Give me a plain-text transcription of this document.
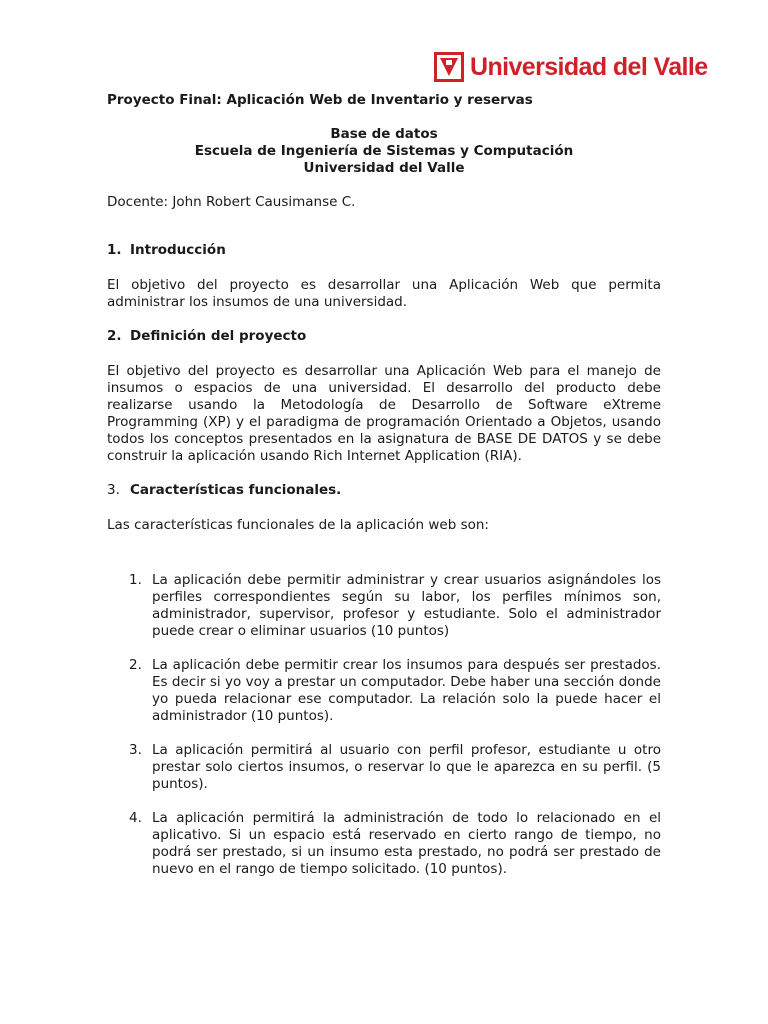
Universidad del Valle

Proyecto Final: Aplicación Web de Inventario y reservas

Base de datos

Escuela de Ingeniería de Sistemas y Computación

Universidad del Valle

Docente: John Robert Causimanse C.

1. Introducción

El objetivo del proyecto es desarrollar una Aplicación Web que permita administrar los insumos de una universidad.

2. Definición del proyecto

El objetivo del proyecto es desarrollar una Aplicación Web para el manejo de insumos o espacios de una universidad. El desarrollo del producto debe realizarse usando la Metodología de Desarrollo de Software eXtreme Programming (XP) y el paradigma de programación Orientado a Objetos, usando todos los conceptos presentados en la asignatura de BASE DE DATOS y se debe construir la aplicación usando Rich Internet Application (RIA).

3. Características funcionales.

Las características funcionales de la aplicación web son:

1. La aplicación debe permitir administrar y crear usuarios asignándoles los perfiles correspondientes según su labor, los perfiles mínimos son, administrador, supervisor, profesor y estudiante. Solo el administrador puede crear o eliminar usuarios (10 puntos)
2. La aplicación debe permitir crear los insumos para después ser prestados. Es decir si yo voy a prestar un computador. Debe haber una sección donde yo pueda relacionar ese computador. La relación solo la puede hacer el administrador (10 puntos).
3. La aplicación permitirá al usuario con perfil profesor, estudiante u otro prestar solo ciertos insumos, o reservar lo que le aparezca en su perfil. (5 puntos).
4. La aplicación permitirá la administración de todo lo relacionado en el aplicativo. Si un espacio está reservado en cierto rango de tiempo, no podrá ser prestado, si un insumo esta prestado, no podrá ser prestado de nuevo en el rango de tiempo solicitado. (10 puntos).
